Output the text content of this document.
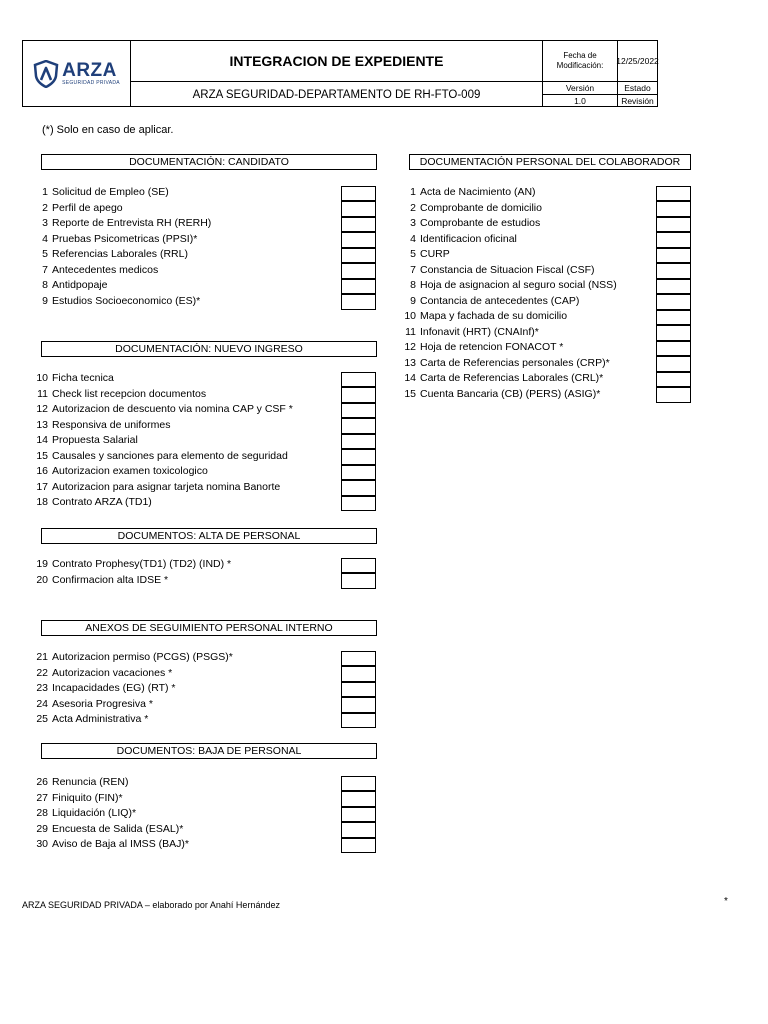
ARZA
SEGURIDAD PRIVADA
INTEGRACION DE EXPEDIENTE
ARZA SEGURIDAD-DEPARTAMENTO DE RH-FTO-009
Fecha de Modificación:	12/25/2022
Versión
1.0
Estado
Revisión
(*) Solo en caso de aplicar.
DOCUMENTACIÓN: CANDIDATO
1 Solicitud de Empleo (SE)
2 Perfil de apego
3 Reporte de Entrevista RH (RERH)
4 Pruebas Psicometricas (PPSI)*
5 Referencias Laborales (RRL)
7 Antecedentes medicos
8 Antidpopaje
9 Estudios Socioeconomico (ES)*
DOCUMENTACIÓN: NUEVO INGRESO
10 Ficha tecnica
11 Check list recepcion documentos
12 Autorizacion de descuento via nomina CAP y CSF *
13 Responsiva de uniformes
14 Propuesta Salarial
15 Causales y sanciones para elemento de seguridad
16 Autorizacion examen toxicologico
17 Autorizacion para asignar tarjeta nomina Banorte
18 Contrato ARZA (TD1)
DOCUMENTOS: ALTA DE PERSONAL
19 Contrato Prophesy(TD1) (TD2) (IND) *
20 Confirmacion alta IDSE *
ANEXOS DE SEGUIMIENTO PERSONAL INTERNO
21 Autorizacion permiso (PCGS) (PSGS)*
22 Autorizacion vacaciones *
23 Incapacidades (EG) (RT) *
24 Asesoria Progresiva *
25 Acta Administrativa *
DOCUMENTOS: BAJA DE PERSONAL
26 Renuncia (REN)
27 Finiquito (FIN)*
28 Liquidación (LIQ)*
29 Encuesta de Salida (ESAL)*
30 Aviso de Baja al IMSS (BAJ)*
DOCUMENTACIÓN PERSONAL DEL COLABORADOR
1 Acta de Nacimiento (AN)
2 Comprobante de domicilio
3 Comprobante de estudios
4 Identificacion oficinal
5 CURP
7 Constancia de Situacion Fiscal (CSF)
8 Hoja de asignacion al seguro social (NSS)
9 Contancia de antecedentes (CAP)
10 Mapa y fachada de su domicilio
11 Infonavit (HRT) (CNAInf)*
12 Hoja de retencion FONACOT *
13 Carta de Referencias personales (CRP)*
14 Carta de Referencias Laborales (CRL)*
15 Cuenta Bancaria (CB) (PERS) (ASIG)*
ARZA SEGURIDAD PRIVADA – elaborado por Anahí Hernández	*
